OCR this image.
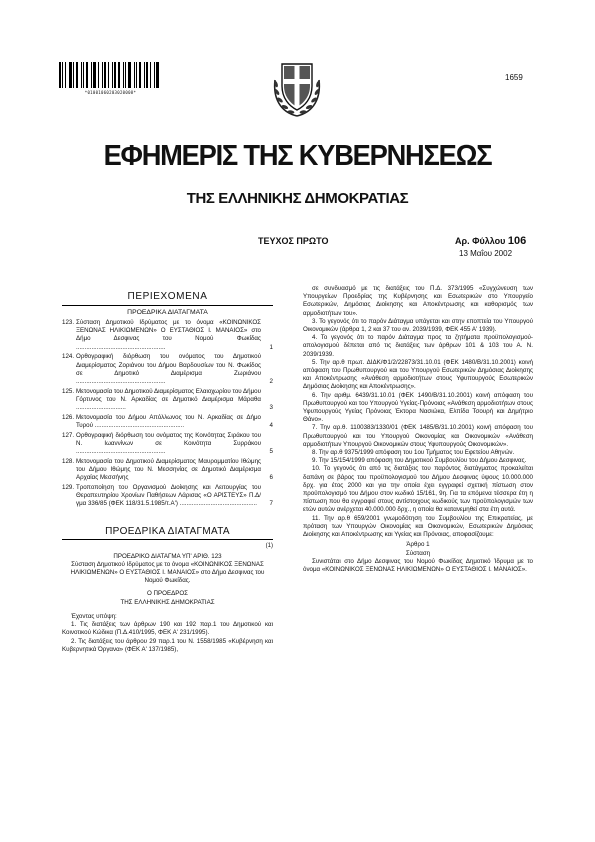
*01001060203020008*
1659
ΕΦΗΜΕΡΙΣ ΤΗΣ ΚΥΒΕΡΝΗΣΕΩΣ
ΤΗΣ ΕΛΛΗΝΙΚΗΣ ΔΗΜΟΚΡΑΤΙΑΣ
ΤΕΥΧΟΣ ΠΡΩΤΟ	Αρ. Φύλλου 106
13 Μαΐου 2002
ΠΕΡΙΕΧΟΜΕΝΑ
ΠΡΟΕΔΡΙΚΑ ΔΙΑΤΑΓΜΑΤΑ
123. Σύσταση Δημοτικού Ιδρύματος με το όνομα «ΚΟΙΝΩΝΙΚΟΣ ΞΕΝΩΝΑΣ ΗΛΙΚΙΩΜΕΝΩΝ» Ο ΕΥΣΤΑΘΙΟΣ Ι. ΜΑΝΑΙΟΣ» στο Δήμο Δεσφινας του Νομού Φωκίδας ....................................................	1
124. Ορθογραφική διόρθωση του ονόματος του Δημοτικού Διαμερίσματος Ζοριάνου του Δήμου Βαρδουσίων του Ν. Φωκίδος σε Δημοτικό Διαμέρισμα Ζωριάνου ....................................................	2
125. Μετονομασία του Δημοτικού Διαμερίσματος Ελαιοχωρίου του Δήμου Γόρτυνος του Ν. Αρκαδίας σε Δημοτικό Διαμέρισμα Μάραθα .............................	3
126. Μετονομασία του Δήμου Απόλλωνος του Ν. Αρκαδίας σε Δήμο Τυρού ....................................................	4
127. Ορθογραφική διόρθωση του ονόματος της Κοινότητας Σιράκου του Ν. Ιωαννίνων σε Κοινότητα Συρράκου ....................................................	5
128. Μετονομασία του Δημοτικού Διαμερίσματος Μαυρομματίου Ιθώμης του Δήμου Ιθώμης του Ν. Μεσσηνίας σε Δημοτικό Διαμέρισμα Αρχαίας Μεσσήνης	6
129. Τροποποίηση του Οργανισμού Διοίκησης και Λειτουργίας του Θεραπευτηρίου Χρονίων Παθήσεων Λάρισας «Ο ΑΡΙΣΤΕΥΣ» Π.Δ/γμα 336/85 (ΦΕΚ 118/31.5.1985/τ.Α') .............................................	7
ΠΡΟΕΔΡΙΚΑ ΔΙΑΤΑΓΜΑΤΑ
(1)
ΠΡΟΕΔΡΙΚΟ ΔΙΑΤΑΓΜΑ ΥΠ' ΑΡΙΘ. 123
Σύσταση Δημοτικού Ιδρύματος με το όνομα «ΚΟΙΝΩΝΙΚΟΣ ΞΕΝΩΝΑΣ ΗΛΙΚΙΩΜΕΝΩΝ» Ο ΕΥΣΤΑΘΙΟΣ Ι. ΜΑΝΑΙΟΣ» στο Δήμο Δεσφινας του Νομού Φωκίδας.
Ο ΠΡΟΕΔΡΟΣ
ΤΗΣ ΕΛΛΗΝΙΚΗΣ ΔΗΜΟΚΡΑΤΙΑΣ

Έχοντας υπόψη:

1. Τις διατάξεις των άρθρων 190 και 192 παρ.1 του Δημοτικού και Κοινοτικού Κώδικα (Π.Δ.410/1995, ΦΕΚ Α' 231/1995).

2. Τις διατάξεις του άρθρου 29 παρ.1 του Ν. 1558/1985 «Κυβέρνηση και Κυβερνητικά Όργανα» (ΦΕΚ Α' 137/1985),

σε συνδυασμό με τις διατάξεις του Π.Δ. 373/1995 «Συγχώνευση των Υπουργείων Προεδρίας της Κυβέρνησης και Εσωτερικών στο Υπουργείο Εσωτερικών, Δημόσιας Διοίκησης και Αποκέντρωσης και καθορισμός των αρμοδιοτήτων του».

3. Το γεγονός ότι το παρόν Διάταγμα υπάγεται και στην εποπτεία του Υπουργού Οικονομικών (άρθρα 1, 2 και 37 του αν. 2039/1939, ΦΕΚ 455 Α' 1939).

4. Το γεγονός ότι το παρόν Διάταγμα προς τα ζητήματα προϋπολογισμού-απολογισμού δέπεται από τις διατάξεις των άρθρων 101 & 103 του Α. Ν. 2039/1939.

5. Την αρ.θ πρωτ. ΔΙΔΚ/Φ1/2/22873/31.10.01 (ΦΕΚ 1480/Β/31.10.2001) κοινή απόφαση του Πρωθυπουργού και του Υπουργού Εσωτερικών Δημόσιας Διοίκησης και Αποκέντρωσης «Ανάθεση αρμοδιοτήτων στους Υφυπουργούς Εσωτερικών Δημόσιας Διοίκησης και Αποκέντρωσης».

6. Την αριθμ. 6439/31.10.01 (ΦΕΚ 1490/Β/31.10.2001) κοινή απόφαση του Πρωθυπουργού και του Υπουργού Υγείας-Πρόνοιας «Ανάθεση αρμοδιοτήτων στους Υφυπουργούς Υγείας Πρόνοιας Έκτορα Νασιώκα, Ελπίδα Τσουρή και Δημήτριο Θάνο».

7. Την αρ.θ. 1100383/1330/01 (ΦΕΚ 1485/Β/31.10.2001) κοινή απόφαση του Πρωθυπουργού και του Υπουργού Οικονομίας και Οικονομικών «Ανάθεση αρμοδιοτήτων Υπουργού Οικονομικών στους Υφυπουργούς Οικονομικών».

8. Την αρ.θ 9375/1999 απόφαση του 1ου Τμήματος του Εφετείου Αθηνών.

9. Την 15/154/1999 απόφαση του Δημοτικού Συμβουλίου του Δήμου Δεσφινας.

10. Το γεγονός ότι από τις διατάξεις του παρόντος διατάγματος προκαλείται δαπάνη σε βάρος του προϋπολογισμού του Δήμου Δεσφινας ύψους 10.000.000 δρχ. για έτος 2000 και για την οποία έχει εγγραφεί σχετική πίστωση στον προϋπολογισμό του Δήμου στον κωδικό 15/161, 9η. Για τα επόμενα τέσσερα έτη η πίστωση που θα εγγραφεί στους αντίστοιχους κωδικούς των προϋπολογισμών των ετών αυτών ανέρχεται 40.000.000 δρχ., η οποία θα κατανεμηθεί στα έτη αυτά.

11. Την αρ.θ 659/2001 γνωμοδότηση του Συμβουλίου της Επικρατείας, με πρόταση των Υπουργών Οικονομίας και Οικονομικών, Εσωτερικών Δημόσιας Διοίκησης και Αποκέντρωσης και Υγείας και Πρόνοιας, αποφασίζουμε:

Άρθρο 1
Σύσταση

Συνιστάται στο Δήμο Δεσφινας του Νομού Φωκίδας Δημοτικό Ίδρυμα με το όνομα «ΚΟΙΝΩΝΙΚΟΣ ΞΕΝΩΝΑΣ ΗΛΙΚΙΩΜΕΝΩΝ» Ο ΕΥΣΤΑΘΙΟΣ Ι. ΜΑΝΑΙΟΣ».
